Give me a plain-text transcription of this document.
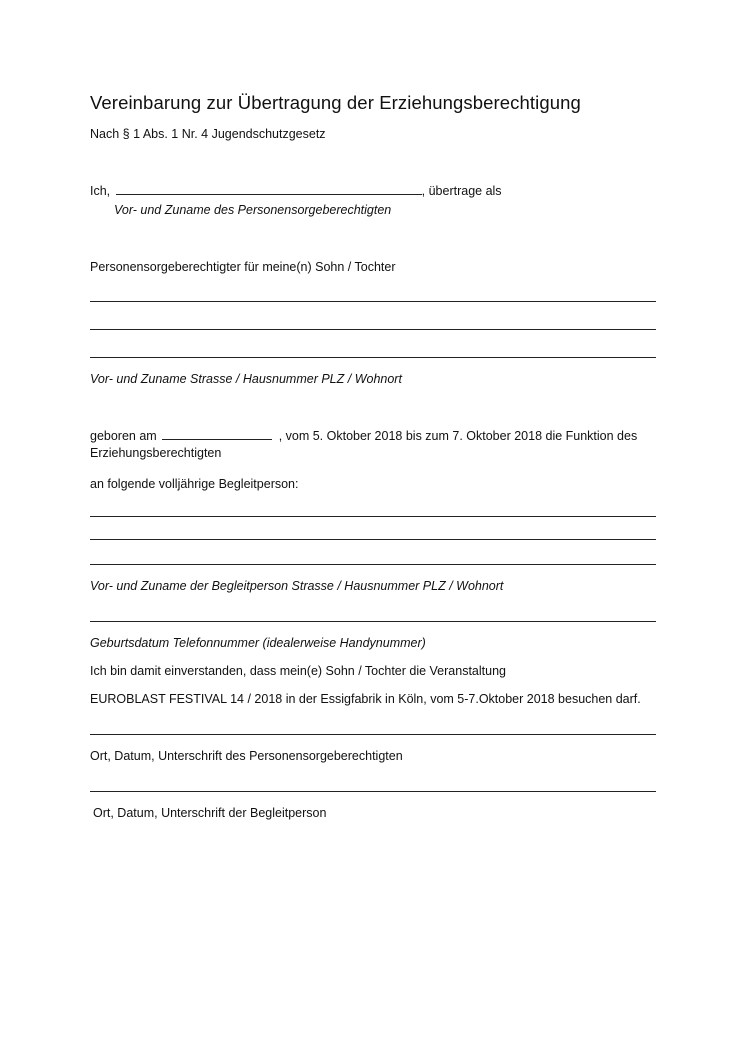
Vereinbarung zur Übertragung der Erziehungsberechtigung
Nach § 1 Abs. 1 Nr. 4 Jugendschutzgesetz
Ich,	, übertrage als
Vor- und Zuname des Personensorgeberechtigten
Personensorgeberechtigter für meine(n) Sohn / Tochter
Vor- und Zuname Strasse / Hausnummer PLZ / Wohnort
geboren am	, vom 5. Oktober 2018 bis zum 7. Oktober 2018 die Funktion des
Erziehungsberechtigten
an folgende volljährige Begleitperson:
Vor- und Zuname der Begleitperson Strasse / Hausnummer PLZ / Wohnort
Geburtsdatum Telefonnummer (idealerweise Handynummer)
Ich bin damit einverstanden, dass mein(e) Sohn / Tochter die Veranstaltung
EUROBLAST FESTIVAL 14 / 2018 in der Essigfabrik in Köln, vom 5-7.Oktober 2018 besuchen darf.
Ort, Datum, Unterschrift des Personensorgeberechtigten
Ort, Datum, Unterschrift der Begleitperson
